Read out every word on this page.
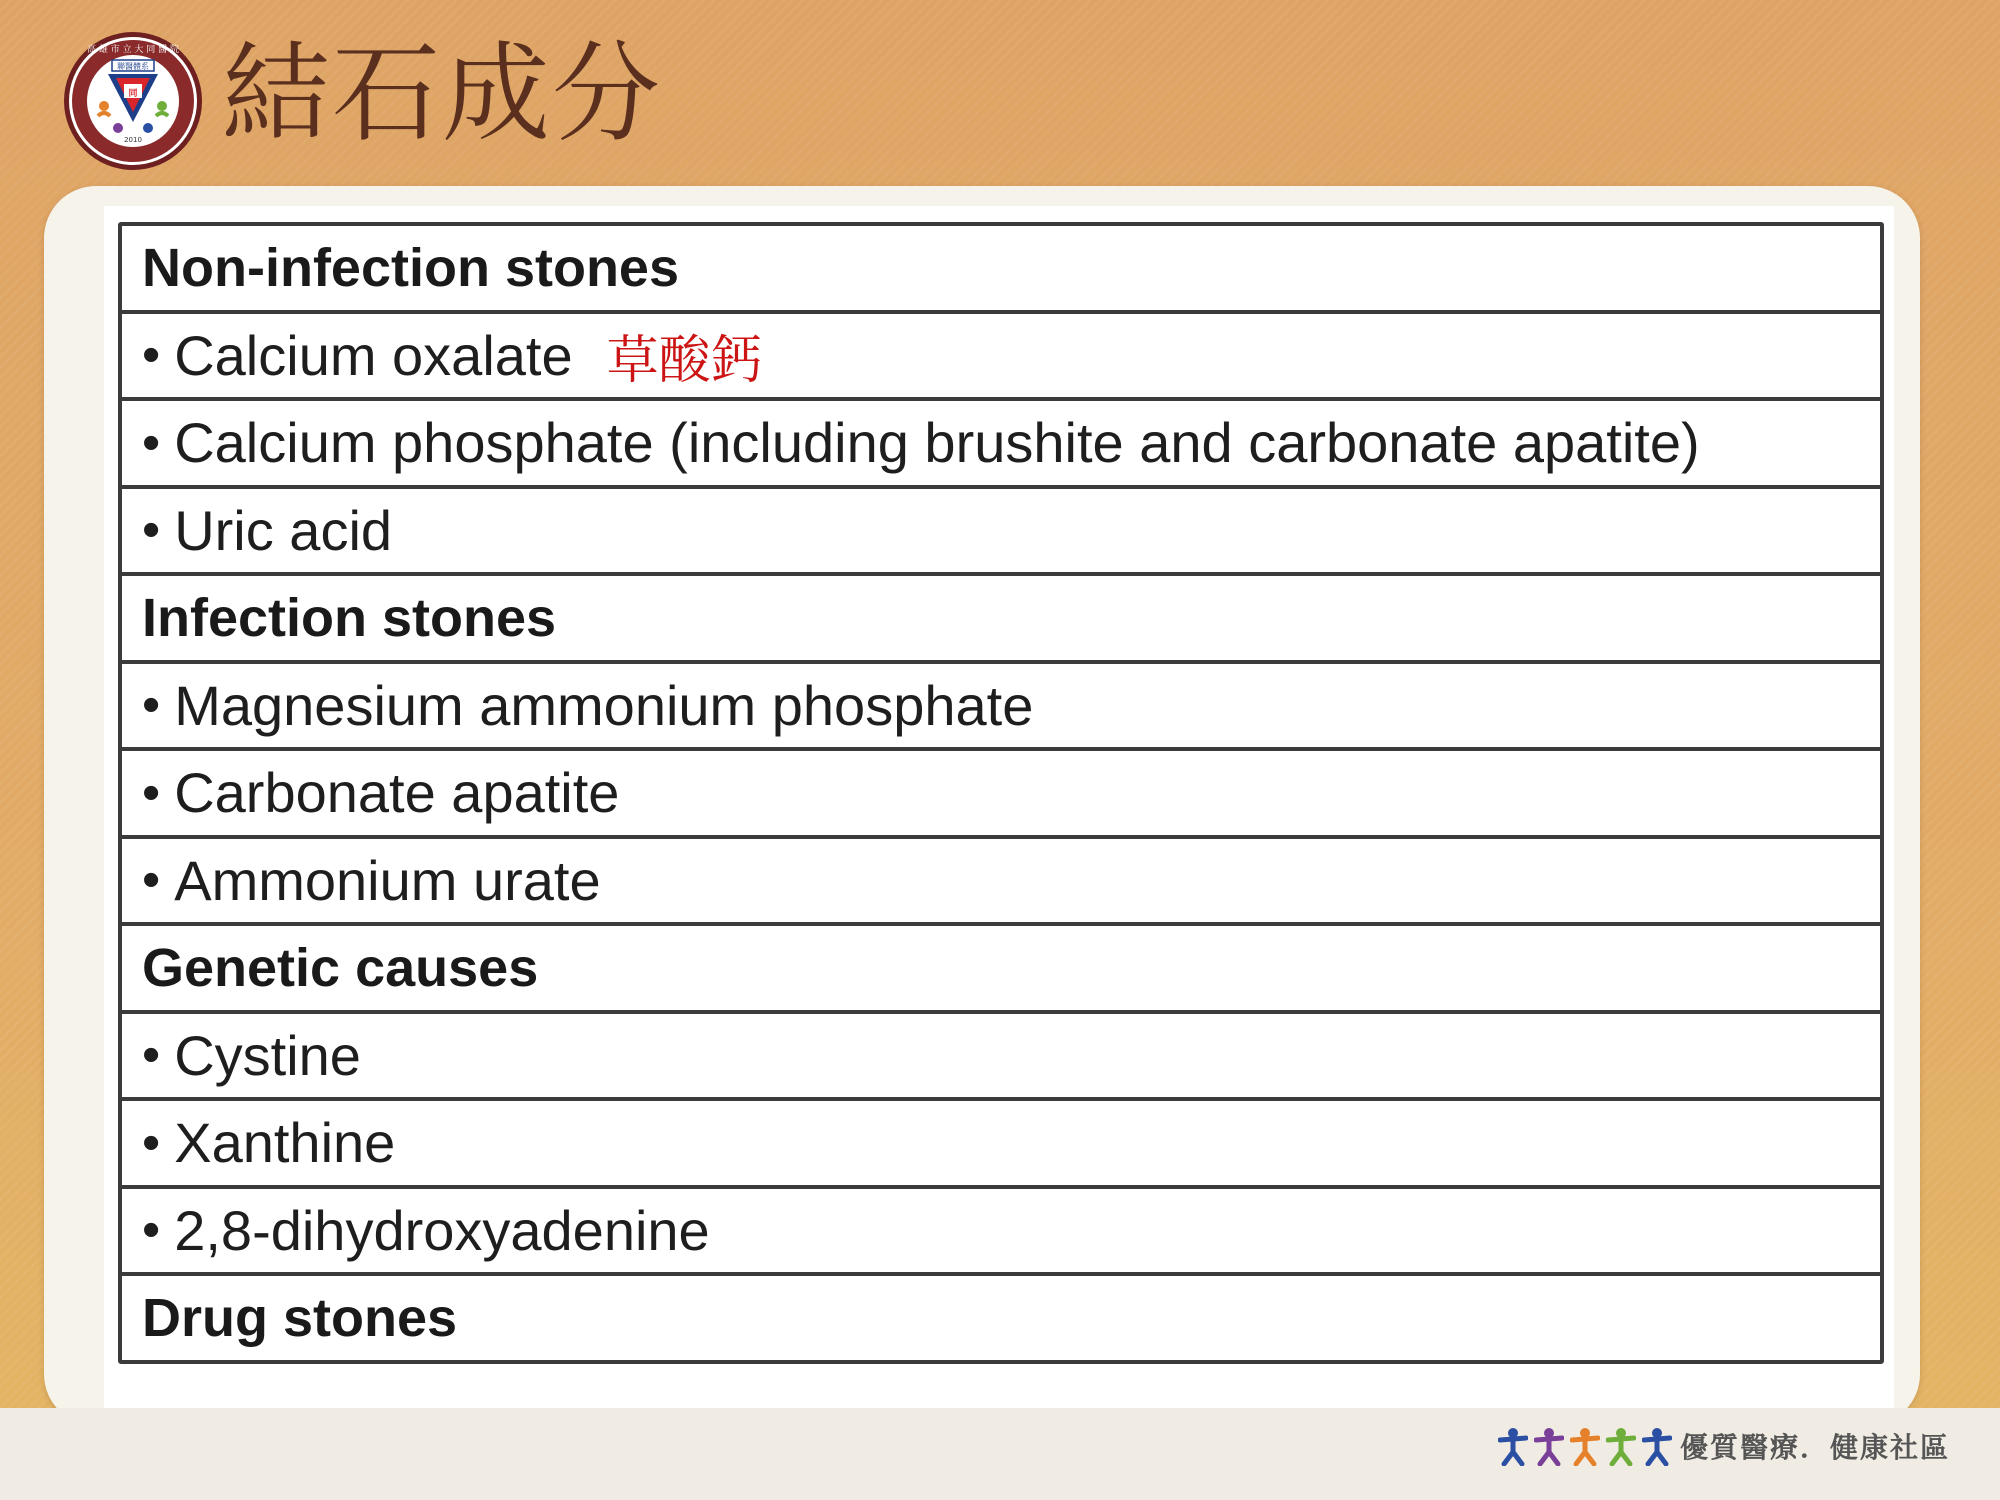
高 雄 市 立 大 同 醫 院
聯醫體系
同
2010 結石成分
Non-infection stones
• Calcium oxalate 草酸鈣
• Calcium phosphate (including brushite and carbonate apatite)
• Uric acid
Infection stones
• Magnesium ammonium phosphate
• Carbonate apatite
• Ammonium urate
Genetic causes
• Cystine
• Xanthine
• 2,8-dihydroxyadenine
Drug stones
優質醫療．健康社區
